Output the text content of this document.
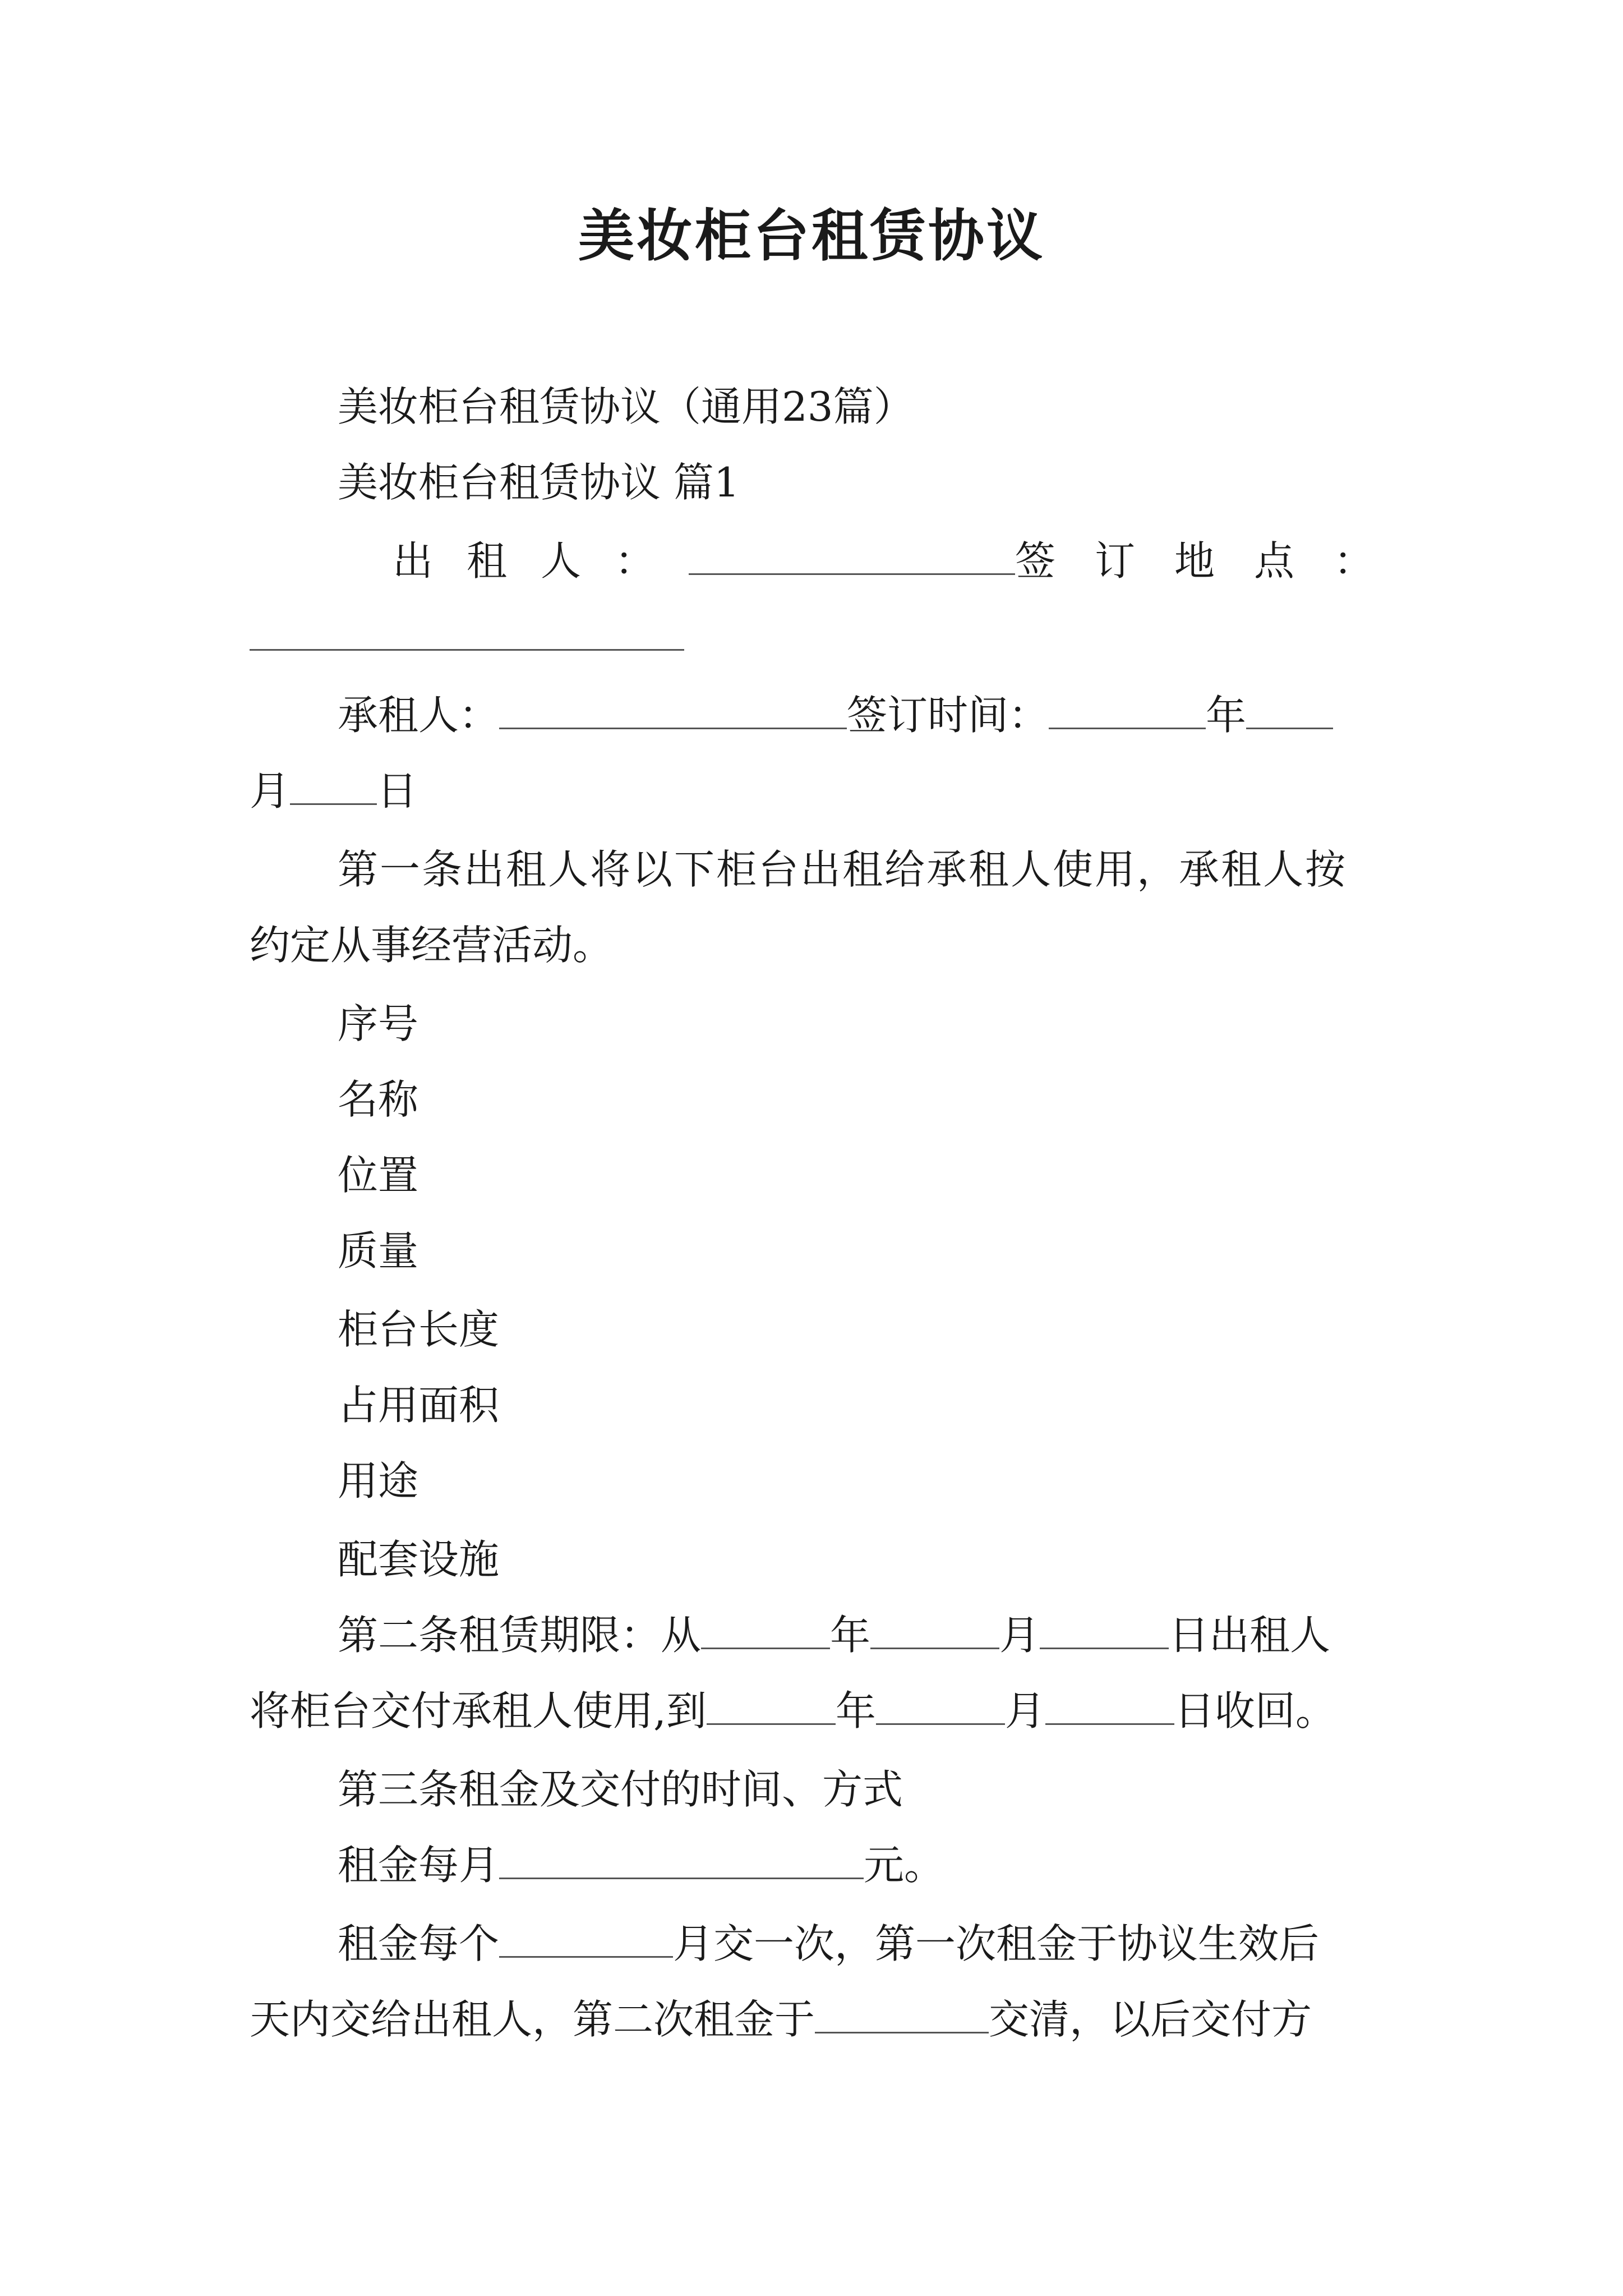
美妆柜台租赁协议
美妆柜台租赁协议（通用23篇）
美妆柜台租赁协议 篇1
出租人：	签订地点：
承租人：	签订时间：	年
月 日
第一条出租人将以下柜台出租给承租人使用，承租人按
约定从事经营活动。
序号
名称
位置
质量
柜台长度
占用面积
用途
配套设施
第二条租赁期限：从	年	月	日出租人
将柜台交付承租人使用,到	年	月	日收回。
第三条租金及交付的时间、方式
租金每月	元。
租金每个	月交一次，第一次租金于协议生效后
天内交给出租人，第二次租金于	交清，以后交付方
